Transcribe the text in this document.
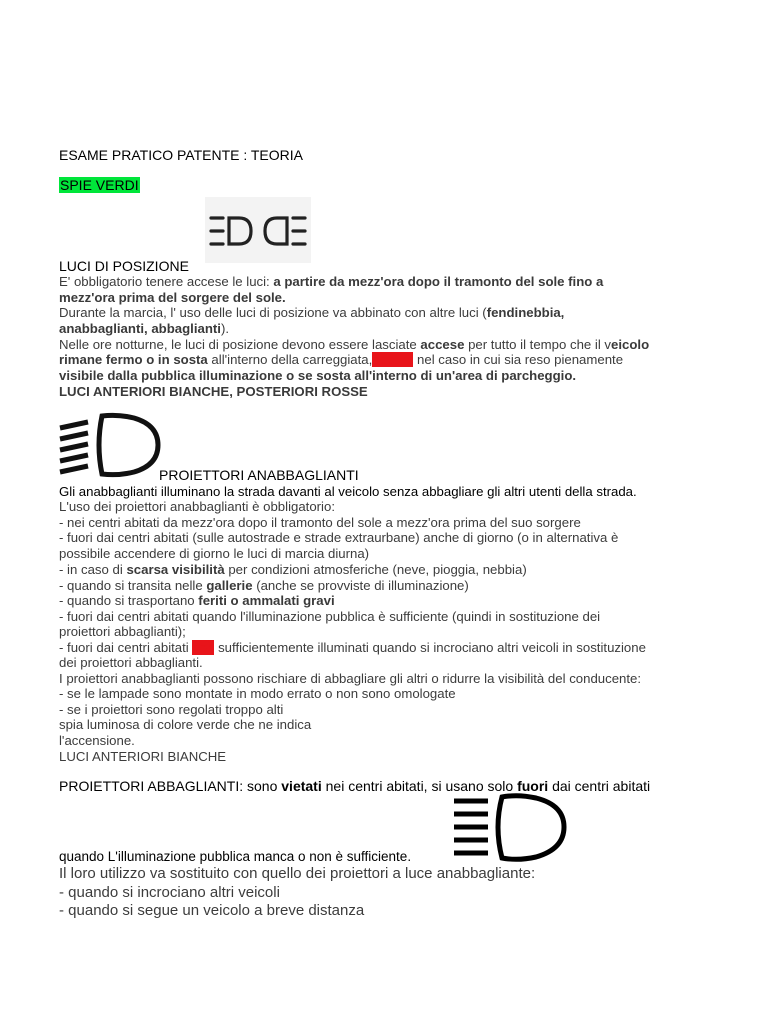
ESAME PRATICO PATENTE : TEORIA
SPIE VERDI
LUCI DI POSIZIONE
E' obbligatorio tenere accese le luci: a partire da mezz'ora dopo il tramonto del sole fino a
mezz'ora prima del sorgere del sole.
Durante la marcia, l' uso delle luci di posizione va abbinato con altre luci (fendinebbia,
anabbaglianti, abbaglianti).
Nelle ore notturne, le luci di posizione devono essere lasciate accese per tutto il tempo che il veicolo
rimane fermo o in sosta all'interno della carreggiata,oppure nel caso in cui sia reso pienamente
visibile dalla pubblica illuminazione o se sosta all'interno di un'area di parcheggio.
LUCI ANTERIORI BIANCHE, POSTERIORI ROSSE
PROIETTORI ANABBAGLIANTI
Gli anabbaglianti illuminano la strada davanti al veicolo senza abbagliare gli altri utenti della strada.
L'uso dei proiettori anabbaglianti è obbligatorio:
- nei centri abitati da mezz'ora dopo il tramonto del sole a mezz'ora prima del suo sorgere
- fuori dai centri abitati (sulle autostrade e strade extraurbane) anche di giorno (o in alternativa è
possibile accendere di giorno le luci di marcia diurna)
- in caso di scarsa visibilità per condizioni atmosferiche (neve, pioggia, nebbia)
- quando si transita nelle gallerie (anche se provviste di illuminazione)
- quando si trasportano feriti o ammalati gravi
- fuori dai centri abitati quando l'illuminazione pubblica è sufficiente (quindi in sostituzione dei
proiettori abbaglianti);
- fuori dai centri abitati non sufficientemente illuminati quando si incrociano altri veicoli in sostituzione
dei proiettori abbaglianti.
I proiettori anabbaglianti possono rischiare di abbagliare gli altri o ridurre la visibilità del conducente:
- se le lampade sono montate in modo errato o non sono omologate
- se i proiettori sono regolati troppo alti
spia luminosa di colore verde che ne indica
l'accensione.
LUCI ANTERIORI BIANCHE
PROIETTORI ABBAGLIANTI: sono vietati nei centri abitati, si usano solo fuori dai centri abitati
quando L'illuminazione pubblica manca o non è sufficiente.
Il loro utilizzo va sostituito con quello dei proiettori a luce anabbagliante:
- quando si incrociano altri veicoli
- quando si segue un veicolo a breve distanza
